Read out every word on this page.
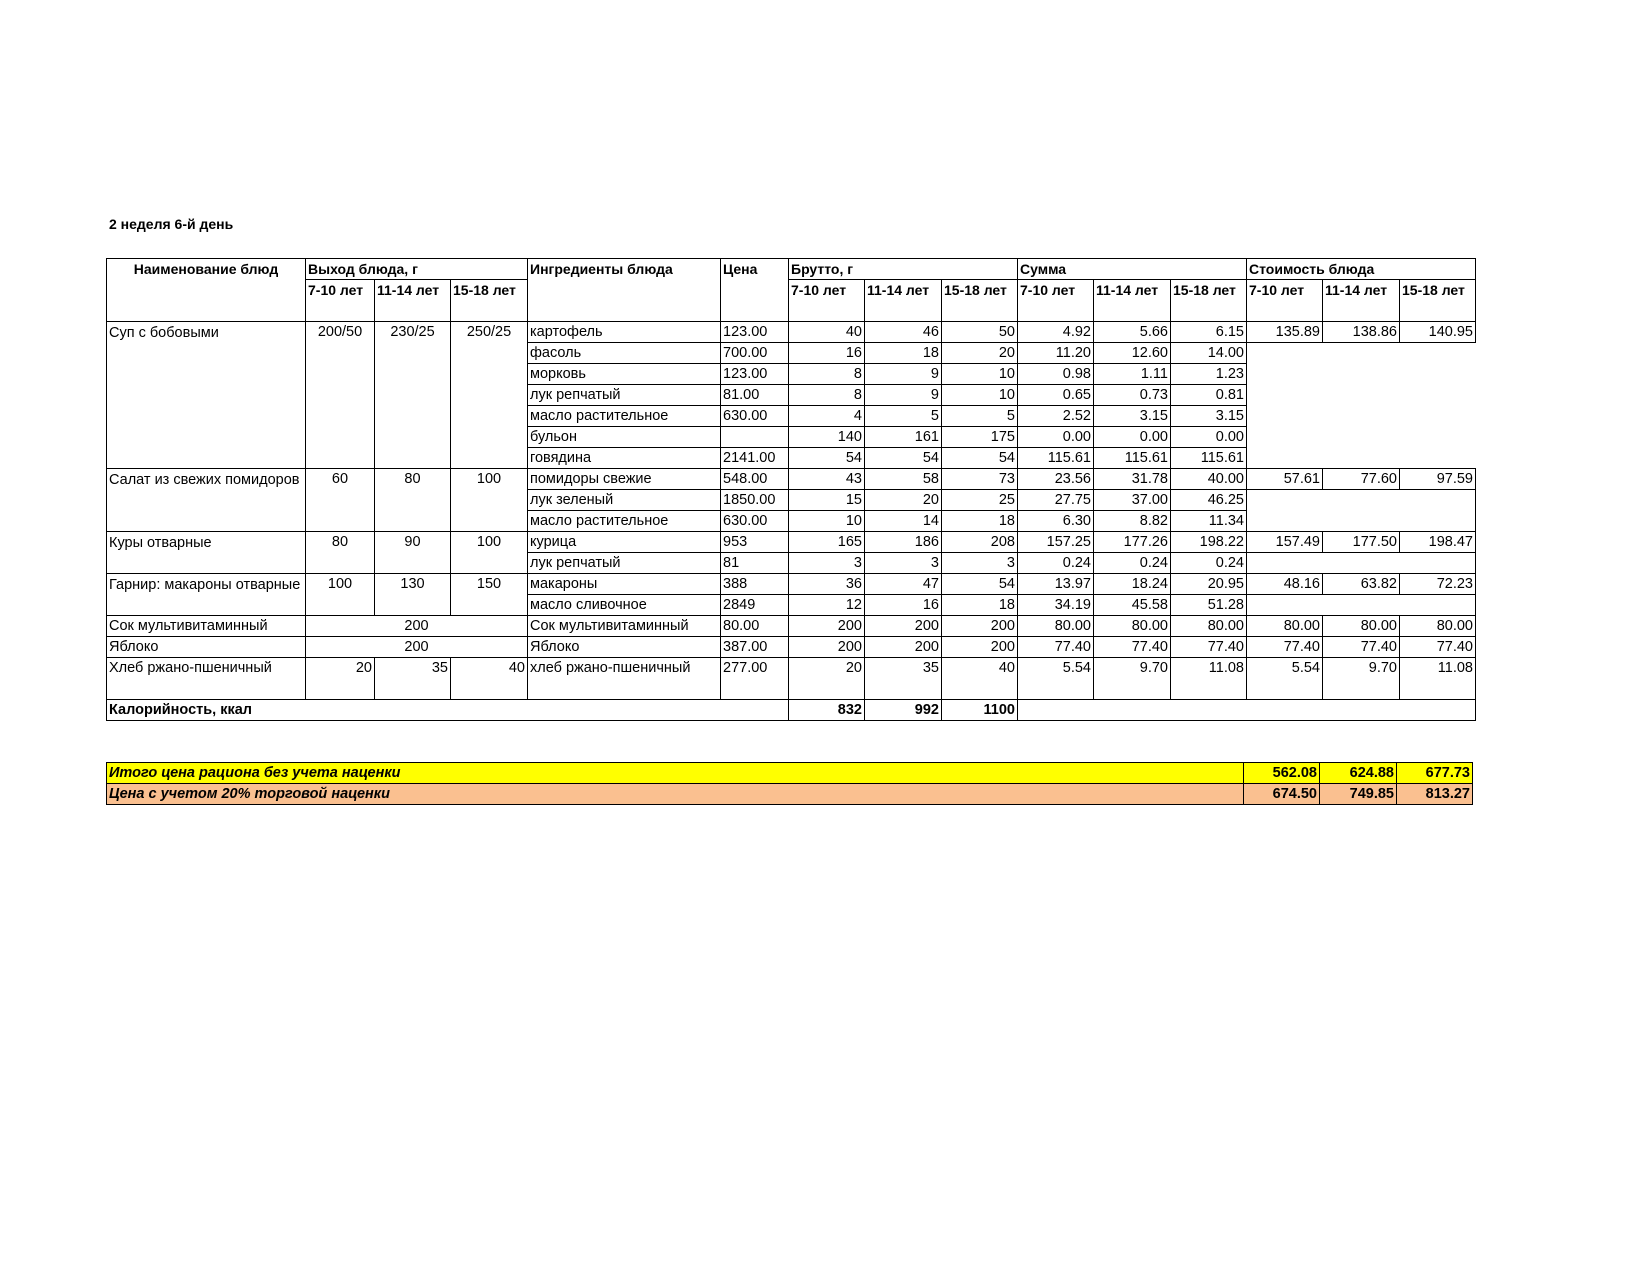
2 неделя 6-й день
Наименование блюд	Выход блюда, г			Ингредиенты блюда	Цена	Брутто, г			Сумма			Стоимость блюда		
	7-10 лет	11-14 лет	15-18 лет			7-10 лет	11-14 лет	15-18 лет	7-10 лет	11-14 лет	15-18 лет	7-10 лет	11-14 лет	15-18 лет
Суп с бобовыми	200/50	230/25	250/25	картофель	123.00	40	46	50	4.92	5.66	6.15	135.89	138.86	140.95
				фасоль	700.00	16	18	20	11.20	12.60	14.00			
				морковь	123.00	8	9	10	0.98	1.11	1.23			
				лук репчатый	81.00	8	9	10	0.65	0.73	0.81			
				масло растительное	630.00	4	5	5	2.52	3.15	3.15			
				бульон		140	161	175	0.00	0.00	0.00			
				говядина	2141.00	54	54	54	115.61	115.61	115.61			
Салат из свежих помидоров	60	80	100	помидоры свежие	548.00	43	58	73	23.56	31.78	40.00	57.61	77.60	97.59
				лук зеленый	1850.00	15	20	25	27.75	37.00	46.25			
				масло растительное	630.00	10	14	18	6.30	8.82	11.34			
Куры отварные	80	90	100	курица	953	165	186	208	157.25	177.26	198.22	157.49	177.50	198.47
				лук репчатый	81	3	3	3	0.24	0.24	0.24			
Гарнир: макароны отварные	100	130	150	макароны	388	36	47	54	13.97	18.24	20.95	48.16	63.82	72.23
				масло сливочное	2849	12	16	18	34.19	45.58	51.28			
Сок мультивитаминный	200			Сок мультивитаминный	80.00	200	200	200	80.00	80.00	80.00	80.00	80.00	80.00
Яблоко	200			Яблоко	387.00	200	200	200	77.40	77.40	77.40	77.40	77.40	77.40
Хлеб ржано-пшеничный	20	35	40	хлеб ржано-пшеничный	277.00	20	35	40	5.54	9.70	11.08	5.54	9.70	11.08
Калорийность, ккал						832	992	1100						
Итого цена рациона без учета наценки	562.08	624.88	677.73
Цена с учетом 20% торговой наценки	674.50	749.85	813.27
